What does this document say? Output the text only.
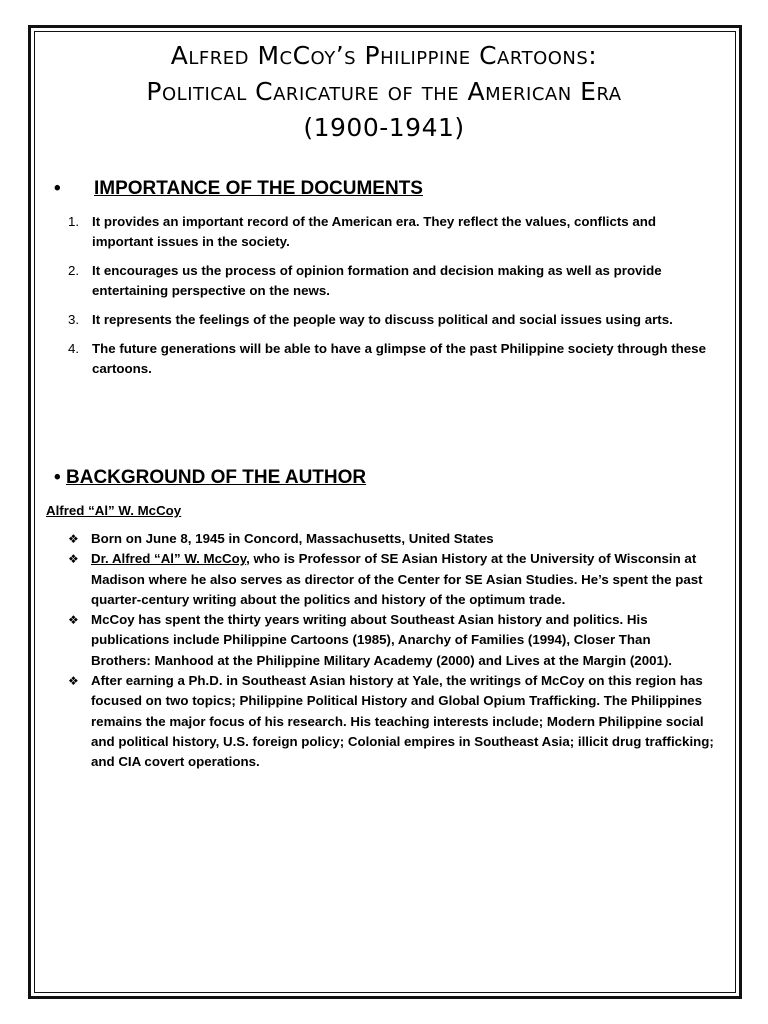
Alfred McCoy’s Philippine Cartoons:
Political Caricature of the American Era
(1900-1941)
• IMPORTANCE OF THE DOCUMENTS
1. It provides an important record of the American era. They reflect the values, conflicts and important issues in the society.
2. It encourages us the process of opinion formation and decision making as well as provide entertaining perspective on the news.
3. It represents the feelings of the people way to discuss political and social issues using arts.
4. The future generations will be able to have a glimpse of the past Philippine society through these cartoons.
• BACKGROUND OF THE AUTHOR
Alfred “Al” W. McCoy
❖ Born on June 8, 1945 in Concord, Massachusetts, United States
❖ Dr. Alfred “Al” W. McCoy, who is Professor of SE Asian History at the University of Wisconsin at Madison where he also serves as director of the Center for SE Asian Studies. He’s spent the past quarter-century writing about the politics and history of the optimum trade.
❖ McCoy has spent the thirty years writing about Southeast Asian history and politics. His publications include Philippine Cartoons (1985), Anarchy of Families (1994), Closer Than Brothers: Manhood at the Philippine Military Academy (2000) and Lives at the Margin (2001).
❖ After earning a Ph.D. in Southeast Asian history at Yale, the writings of McCoy on this region has focused on two topics; Philippine Political History and Global Opium Trafficking. The Philippines remains the major focus of his research. His teaching interests include; Modern Philippine social and political history, U.S. foreign policy; Colonial empires in Southeast Asia; illicit drug trafficking; and CIA covert operations.
